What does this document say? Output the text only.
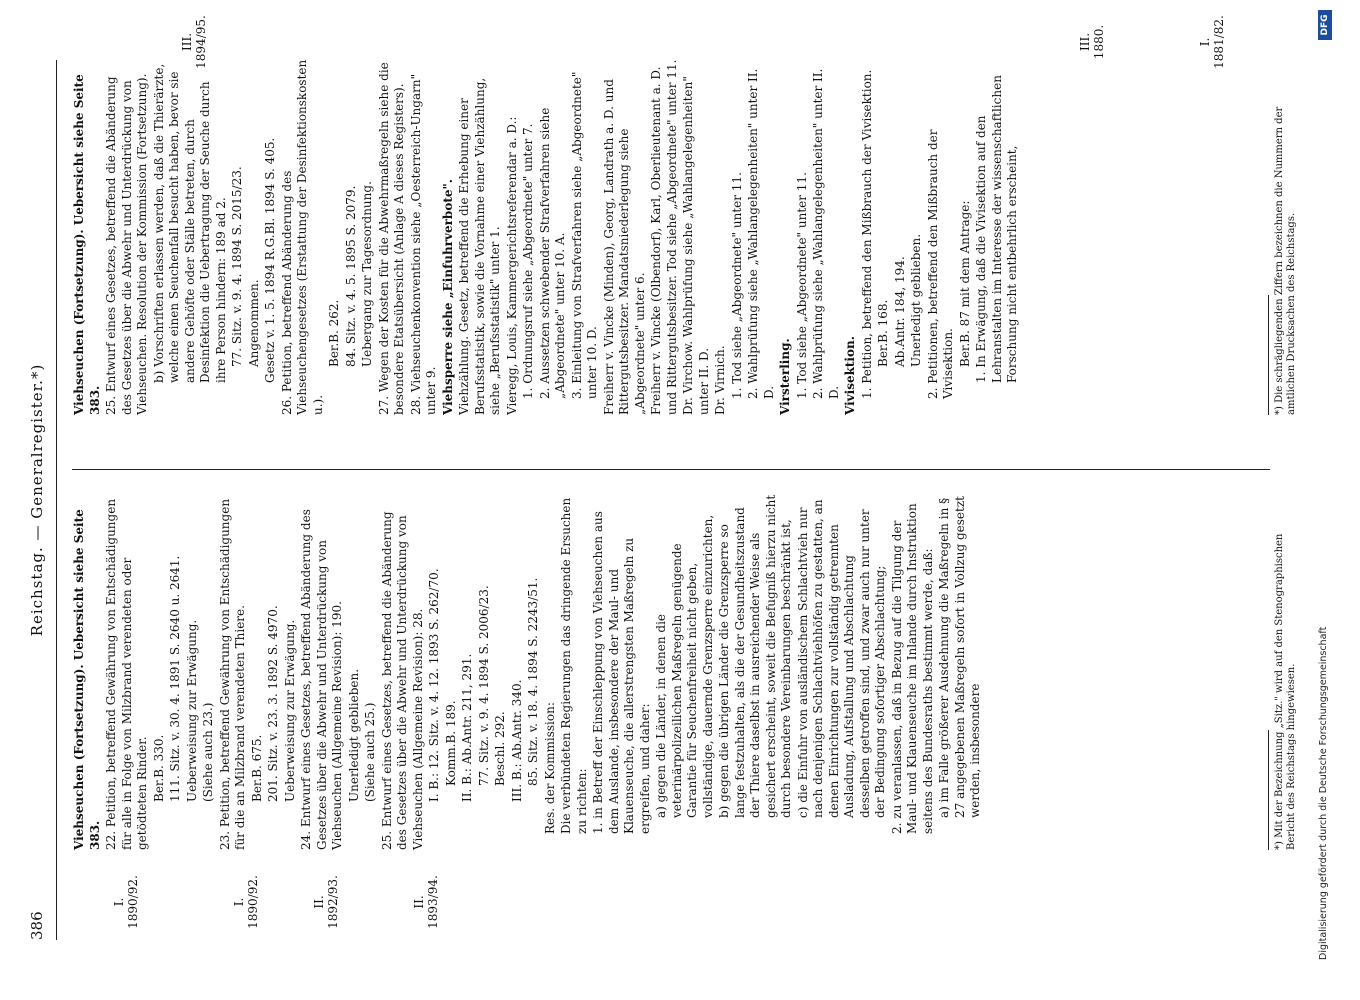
386
Reichstag. — Generalregister.*)
I. 1890/92.	I. 1890/92.	II. 1892/93.	II. 1893/94.
Viehseuchen (Fortsetzung). Uebersicht siehe Seite 383. 22. Petition, betreffend Gewährung von Entschädigungen für alle in Folge von Milzbrand verendeten oder getödteten Rinder. Ber.B. 330. 111. Sitz. v. 30. 4. 1891 S. 2640 u. 2641. Ueberweisung zur Erwägung. (Siehe auch 23.) 23. Petition, betreffend Gewährung von Entschädigungen für die an Milzbrand verendeten Thiere. Ber.B. 675. 201. Sitz. v. 23. 3. 1892 S. 4970. Ueberweisung zur Erwägung. 24. Entwurf eines Gesetzes, betreffend Abänderung des Gesetzes über die Abwehr und Unterdrückung von Viehseuchen (Allgemeine Revision): 190. Unerledigt geblieben. (Siehe auch 25.) 25. Entwurf eines Gesetzes, betreffend die Abänderung des Gesetzes über die Abwehr und Unterdrückung von Viehseuchen (Allgemeine Revision): 28. I. B.: 12. Sitz. v. 4. 12. 1893 S. 262/70. Komm.B. 189. II. B.: Ab.Antr. 211, 291. 77. Sitz. v. 9. 4. 1894 S. 2006/23. Beschl. 292. III. B.: Ab.Antr. 340. 85. Sitz. v. 18. 4. 1894 S. 2243/51. Res. der Kommission: Die verbündeten Regierungen das dringende Ersuchen zu richten: 1. in Betreff der Einschleppung von Viehseuchen aus dem Auslande, insbesondere der Maul- und Klauenseuche, die allerstrengsten Maßregeln zu ergreifen, und daher: a) gegen die Länder, in denen die veterinärpolizeilichen Maßregeln genügende Garantie für Seuchenfreiheit nicht geben, vollständige, dauernde Grenzsperre einzurichten, b) gegen die übrigen Länder die Grenzsperre so lange festzuhalten, als die der Gesundheitszustand der Thiere daselbst in ausreichender Weise als gesichert erscheint, soweit die Befugniß hierzu nicht durch besondere Vereinbarungen beschränkt ist, c) die Einfuhr von ausländischem Schlachtvieh nur nach denjenigen Schlachtviehhöfen zu gestatten, an denen Einrichtungen zur vollständig getrennten Ausladung, Aufstallung und Abschlachtung desselben getroffen sind, und zwar auch nur unter der Bedingung sofortiger Abschlachtung; 2. zu veranlassen, daß in Bezug auf die Tilgung der Maul- und Klauenseuche im Inlande durch Instruktion seitens des Bundesraths bestimmt werde, daß: a) im Falle größerer Ausdehnung die Maßregeln in § 27 angegebenen Maßregeln sofort in Vollzug gesetzt werden, insbesondere
Viehseuchen (Fortsetzung). Uebersicht siehe Seite 383. 25. Entwurf eines Gesetzes, betreffend die Abänderung des Gesetzes über die Abwehr und Unterdrückung von Viehseuchen. Resolution der Kommission (Fortsetzung). b) Vorschriften erlassen werden, daß die Thierärzte, welche einen Seuchenfall besucht haben, bevor sie andere Gehöfte oder Ställe betreten, durch Desinfektion die Uebertragung der Seuche durch ihre Person hindern: 189 ad 2. 77. Sitz. v. 9. 4. 1894 S. 2015/23. Angenommen. Gesetz v. 1. 5. 1894 R.G.Bl. 1894 S. 405. 26. Petition, betreffend Abänderung des Viehseuchengesetzes (Erstattung der Desinfektionskosten u.).
Ber.B. 262. 84. Sitz. v. 4. 5. 1895 S. 2079. Uebergang zur Tagesordnung. 27. Wegen der Kosten für die Abwehrmaßregeln siehe die besondere Etatsübersicht (Anlage A dieses Registers). 28. Viehseuchenkonvention siehe „Oesterreich-Ungarn" unter 9. Viehsperre siehe „Einfuhrverbote". Viehzählung. Gesetz, betreffend die Erhebung einer Berufsstatistik, sowie die Vornahme einer Viehzählung, siehe „Berufsstatistik" unter 1. Vieregg, Louis, Kammergerichtsreferendar a. D.: 1. Ordnungsruf siehe „Abgeordnete" unter 7. 2. Aussetzen schwebender Strafverfahren siehe „Abgeordnete" unter 10. A. 3. Einleitung von Strafverfahren siehe „Abgeordnete" unter 10. D. Freiherr v. Vincke (Minden), Georg, Landrath a. D. und Rittergutsbesitzer. Mandatsniederlegung siehe „Abgeordnete" unter 6. Freiherr v. Vincke (Olbendorf), Karl, Oberlieutenant a. D. und Rittergutsbesitzer. Tod siehe „Abgeordnete" unter 11. Dr. Virchow. Wahlprüfung siehe „Wahlangelegenheiten" unter II. D. Dr. Virnich. 1. Tod siehe „Abgeordnete" unter 11. 2. Wahlprüfung siehe „Wahlangelegenheiten" unter II. D. Virsterling. 1. Tod siehe „Abgeordnete" unter 11. 2. Wahlprüfung siehe „Wahlangelegenheiten" unter II. D. Vivisektion. 1. Petition, betreffend den Mißbrauch der Vivisektion. Ber.B. 168. Ab.Antr. 184, 194. Unerledigt geblieben. 2. Petitionen, betreffend den Mißbrauch der Vivisektion. Ber.B. 87 mit dem Antrage: 1. In Erwägung, daß die Vivisektion auf den Lehranstalten im Interesse der wissenschaftlichen Forschung nicht entbehrlich erscheint,
III. 1894/95.	III. 1880.	I. 1881/82.
*) Mit der Bezeichnung „Sitz." wird auf den Stenographischen Bericht des Reichstags hingewiesen.
*) Die schrägliegenden Ziffern bezeichnen die Nummern der amtlichen Drucksachen des Reichstags.
Digitalisierung gefördert durch die Deutsche Forschungsgemeinschaft
DFG
